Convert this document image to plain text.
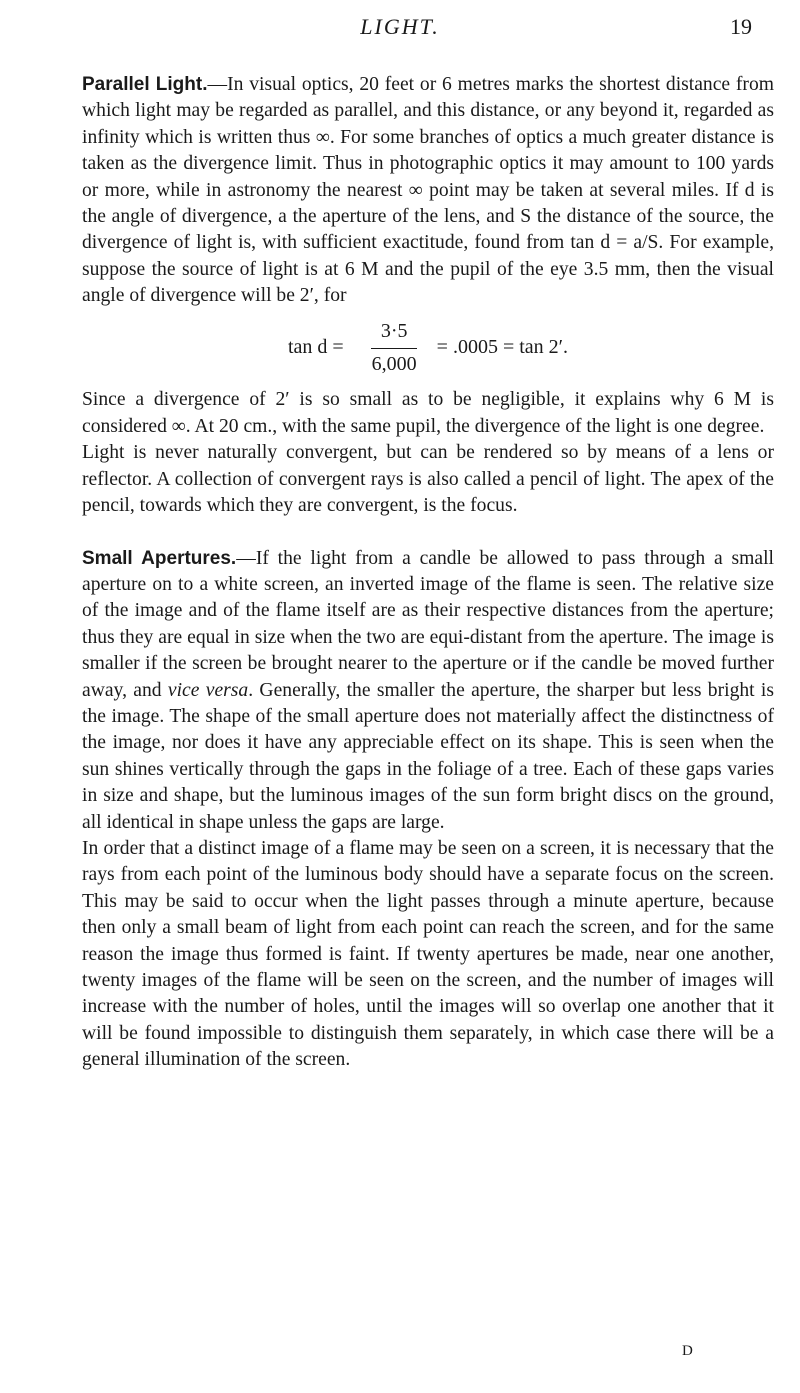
LIGHT.	19

Parallel Light.—In visual optics, 20 feet or 6 metres marks the shortest distance from which light may be regarded as parallel, and this distance, or any beyond it, regarded as infinity which is written thus ∞. For some branches of optics a much greater distance is taken as the divergence limit. Thus in photographic optics it may amount to 100 yards or more, while in astronomy the nearest ∞ point may be taken at several miles. If d is the angle of divergence, a the aperture of the lens, and S the distance of the source, the divergence of light is, with sufficient exactitude, found from tan d = a/S. For example, suppose the source of light is at 6 M and the pupil of the eye 3.5 mm, then the visual angle of divergence will be 2′, for

$\tan d = \frac{3\cdot 5}{6,000} = .0005 = \tan 2'$.

Since a divergence of 2′ is so small as to be negligible, it explains why 6 M is considered ∞. At 20 cm., with the same pupil, the divergence of the light is one degree.

Light is never naturally convergent, but can be rendered so by means of a lens or reflector. A collection of convergent rays is also called a pencil of light. The apex of the pencil, towards which they are convergent, is the focus.

Small Apertures.—If the light from a candle be allowed to pass through a small aperture on to a white screen, an inverted image of the flame is seen. The relative size of the image and of the flame itself are as their respective distances from the aperture; thus they are equal in size when the two are equi-distant from the aperture. The image is smaller if the screen be brought nearer to the aperture or if the candle be moved further away, and vice versa. Generally, the smaller the aperture, the sharper but less bright is the image. The shape of the small aperture does not materially affect the distinctness of the image, nor does it have any appreciable effect on its shape. This is seen when the sun shines vertically through the gaps in the foliage of a tree. Each of these gaps varies in size and shape, but the luminous images of the sun form bright discs on the ground, all identical in shape unless the gaps are large.

In order that a distinct image of a flame may be seen on a screen, it is necessary that the rays from each point of the luminous body should have a separate focus on the screen. This may be said to occur when the light passes through a minute aperture, because then only a small beam of light from each point can reach the screen, and for the same reason the image thus formed is faint. If twenty apertures be made, near one another, twenty images of the flame will be seen on the screen, and the number of images will increase with the number of holes, until the images will so overlap one another that it will be found impossible to distinguish them separately, in which case there will be a general illumination of the screen.

D
